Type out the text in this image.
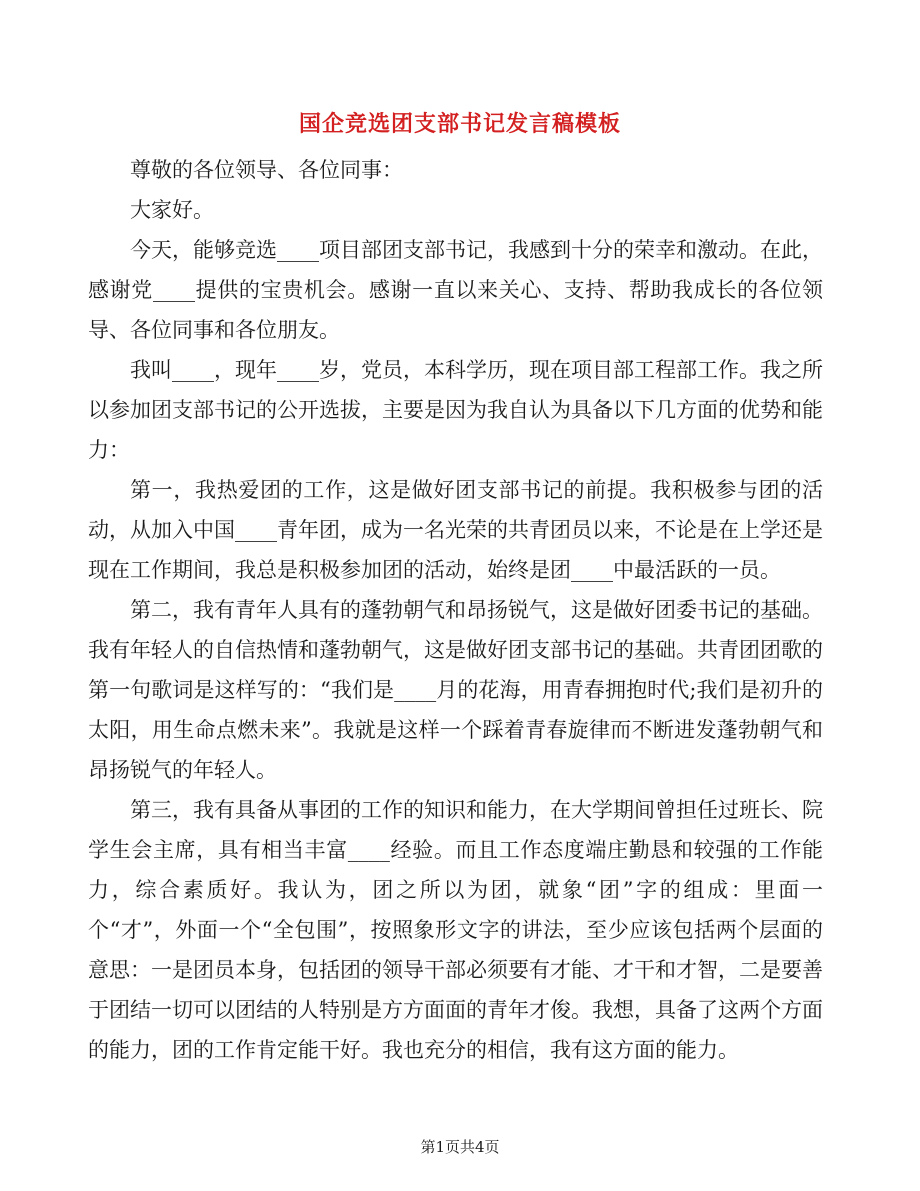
国企竞选团支部书记发言稿模板

尊敬的各位领导、各位同事：

大家好。

今天，能够竞选____项目部团支部书记，我感到十分的荣幸和激动。在此，感谢党____提供的宝贵机会。感谢一直以来关心、支持、帮助我成长的各位领导、各位同事和各位朋友。

我叫____，现年____岁，党员，本科学历，现在项目部工程部工作。我之所以参加团支部书记的公开选拔，主要是因为我自认为具备以下几方面的优势和能力：

第一，我热爱团的工作，这是做好团支部书记的前提。我积极参与团的活动，从加入中国____青年团，成为一名光荣的共青团员以来，不论是在上学还是现在工作期间，我总是积极参加团的活动，始终是团____中最活跃的一员。

第二，我有青年人具有的蓬勃朝气和昂扬锐气，这是做好团委书记的基础。我有年轻人的自信热情和蓬勃朝气，这是做好团支部书记的基础。共青团团歌的第一句歌词是这样写的：“我们是____月的花海，用青春拥抱时代;我们是初升的太阳，用生命点燃未来”。我就是这样一个踩着青春旋律而不断进发蓬勃朝气和昂扬锐气的年轻人。

第三，我有具备从事团的工作的知识和能力，在大学期间曾担任过班长、院学生会主席，具有相当丰富____经验。而且工作态度端庄勤恳和较强的工作能力，综合素质好。我认为，团之所以为团，就象“团”字的组成：里面一个“才”，外面一个“全包围”，按照象形文字的讲法，至少应该包括两个层面的意思：一是团员本身，包括团的领导干部必须要有才能、才干和才智，二是要善于团结一切可以团结的人特别是方方面面的青年才俊。我想，具备了这两个方面的能力，团的工作肯定能干好。我也充分的相信，我有这方面的能力。

第1页共4页
